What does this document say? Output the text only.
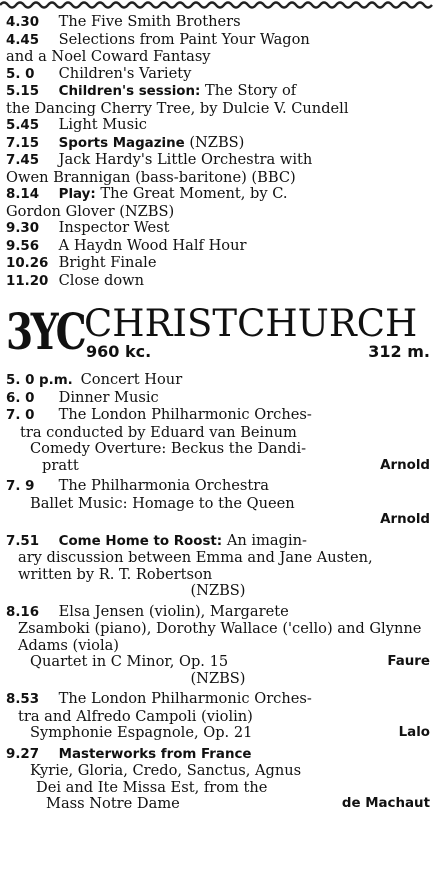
4.30 The Five Smith Brothers

4.45 Selections from Paint Your Wagon
and a Noel Coward Fantasy

5. 0 Children's Variety

5.15 Children's session: The Story of
the Dancing Cherry Tree, by Dulcie V. Cundell

5.45 Light Music

7.15 Sports Magazine (NZBS)

7.45 Jack Hardy's Little Orchestra with
Owen Brannigan (bass-baritone) (BBC)

8.14 Play: The Great Moment, by C.
Gordon Glover (NZBS)

9.30 Inspector West

9.56 A Haydn Wood Half Hour

10.26 Bright Finale

11.20 Close down

3YC CHRISTCHURCH
960 kc.	312 m.

5. 0 p.m. Concert Hour

6. 0 Dinner Music

7. 0 The London Philharmonic Orches-
tra conducted by Eduard van Beinum
Comedy Overture: Beckus the Dandi-
pratt	Arnold

7. 9 The Philharmonia Orchestra
Ballet Music: Homage to the Queen
Arnold

7.51 Come Home to Roost: An imagin-
ary discussion between Emma and Jane Austen, written by R. T. Robertson
(NZBS)

8.16 Elsa Jensen (violin), Margarete
Zsamboki (piano), Dorothy Wallace ('cello) and Glynne Adams (viola)
Quartet in C Minor, Op. 15	Faure
(NZBS)

8.53 The London Philharmonic Orches-
tra and Alfredo Campoli (violin)
Symphonie Espagnole, Op. 21	Lalo

9.27 Masterworks from France
Kyrie, Gloria, Credo, Sanctus, Agnus
Dei and Ite Missa Est, from the
Mass Notre Dame	de Machaut
